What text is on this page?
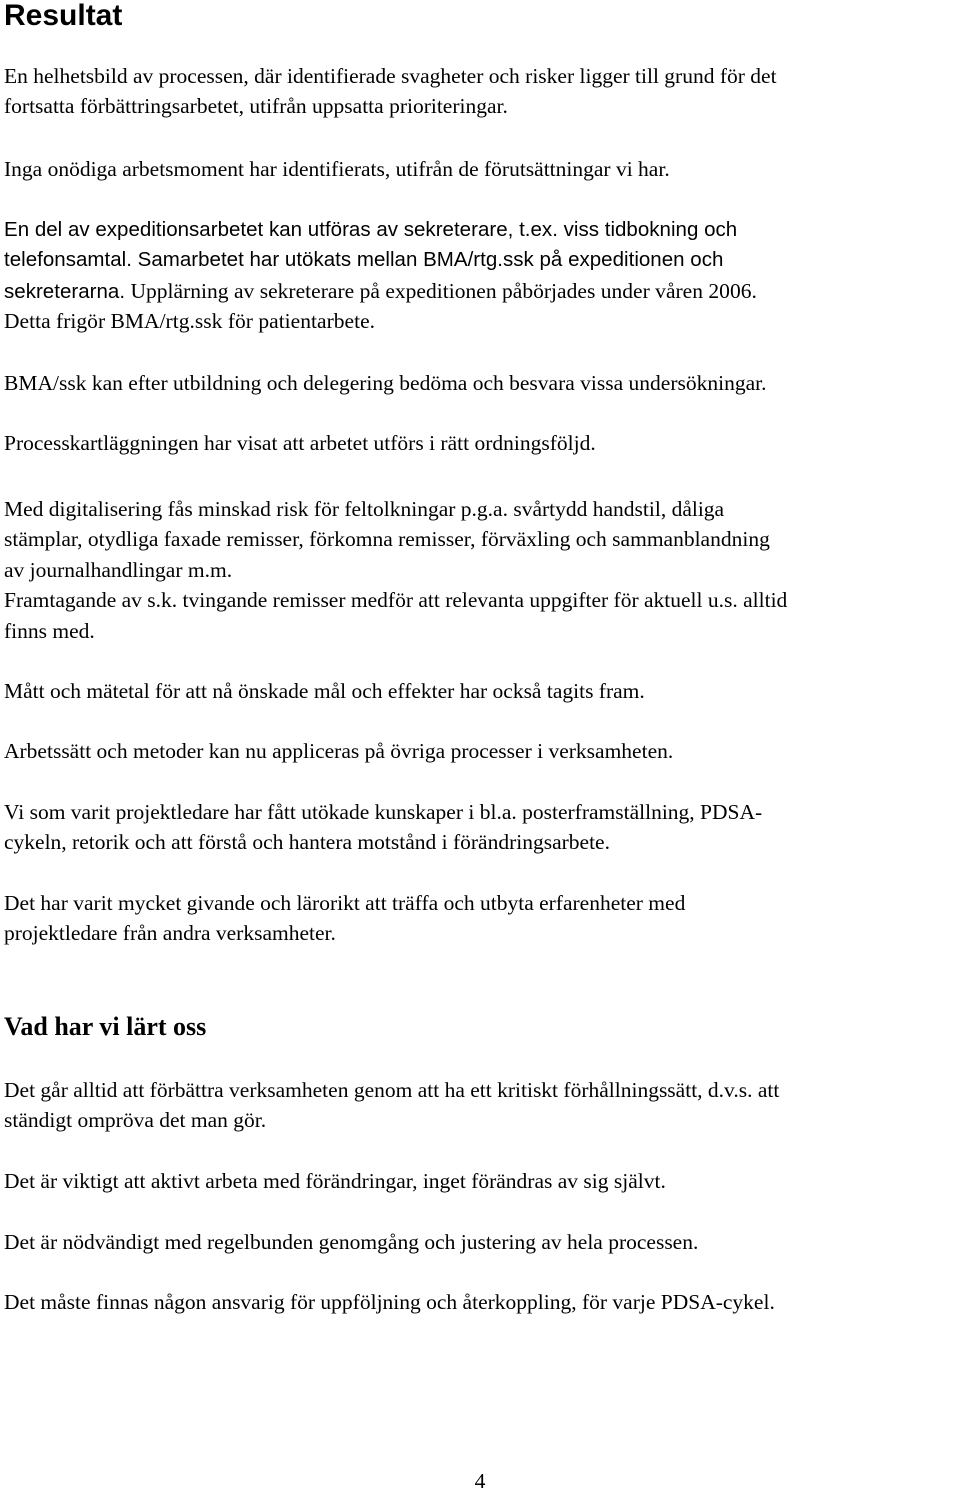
Resultat
En helhetsbild av processen, där identifierade svagheter och risker ligger till grund för det
fortsatta förbättringsarbetet, utifrån uppsatta prioriteringar.
Inga onödiga arbetsmoment har identifierats, utifrån de förutsättningar vi har.
En del av expeditionsarbetet kan utföras av sekreterare, t.ex. viss tidbokning och
telefonsamtal. Samarbetet har utökats mellan BMA/rtg.ssk på expeditionen och
sekreterarna. Upplärning av sekreterare på expeditionen påbörjades under våren 2006.
Detta frigör BMA/rtg.ssk för patientarbete.
BMA/ssk kan efter utbildning och delegering bedöma och besvara vissa undersökningar.
Processkartläggningen har visat att arbetet utförs i rätt ordningsföljd.
Med digitalisering fås minskad risk för feltolkningar p.g.a. svårtydd handstil, dåliga
stämplar, otydliga faxade remisser, förkomna remisser, förväxling och sammanblandning
av journalhandlingar m.m.
Framtagande av s.k. tvingande remisser medför att relevanta uppgifter för aktuell u.s. alltid
finns med.
Mått och mätetal för att nå önskade mål och effekter har också tagits fram.
Arbetssätt och metoder kan nu appliceras på övriga processer i verksamheten.
Vi som varit projektledare har fått utökade kunskaper i bl.a. posterframställning, PDSA-
cykeln, retorik och att förstå och hantera motstånd i förändringsarbete.
Det har varit mycket givande och lärorikt att träffa och utbyta erfarenheter med
projektledare från andra verksamheter.
Vad har vi lärt oss
Det går alltid att förbättra verksamheten genom att ha ett kritiskt förhållningssätt, d.v.s. att
ständigt ompröva det man gör.
Det är viktigt att aktivt arbeta med förändringar, inget förändras av sig självt.
Det är nödvändigt med regelbunden genomgång och justering av hela processen.
Det måste finnas någon ansvarig för uppföljning och återkoppling, för varje PDSA-cykel.
4
